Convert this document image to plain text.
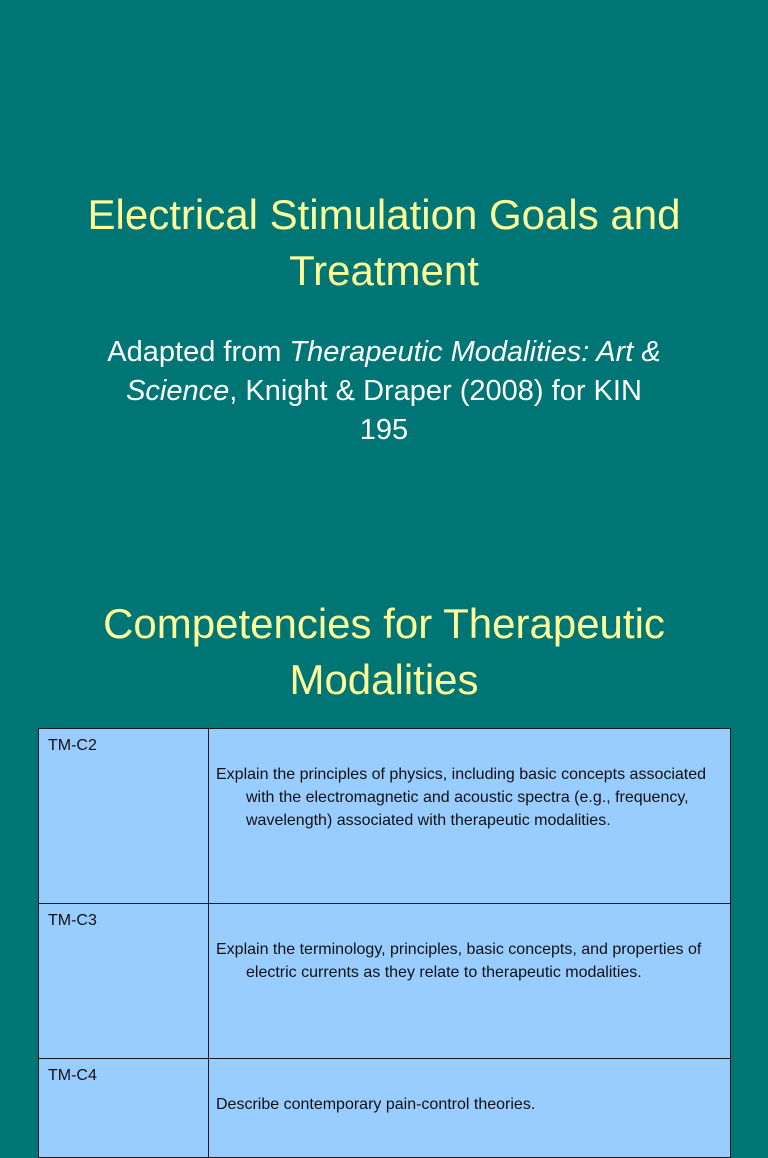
Electrical Stimulation Goals and Treatment

Adapted from Therapeutic Modalities: Art & Science, Knight & Draper (2008) for KIN 195

Competencies for Therapeutic Modalities
TM-C2	Explain the principles of physics, including basic concepts associated with the electromagnetic and acoustic spectra (e.g., frequency, wavelength) associated with therapeutic modalities.

TM-C3	Explain the terminology, principles, basic concepts, and properties of electric currents as they relate to therapeutic modalities.

TM-C4	Describe contemporary pain-control theories.
